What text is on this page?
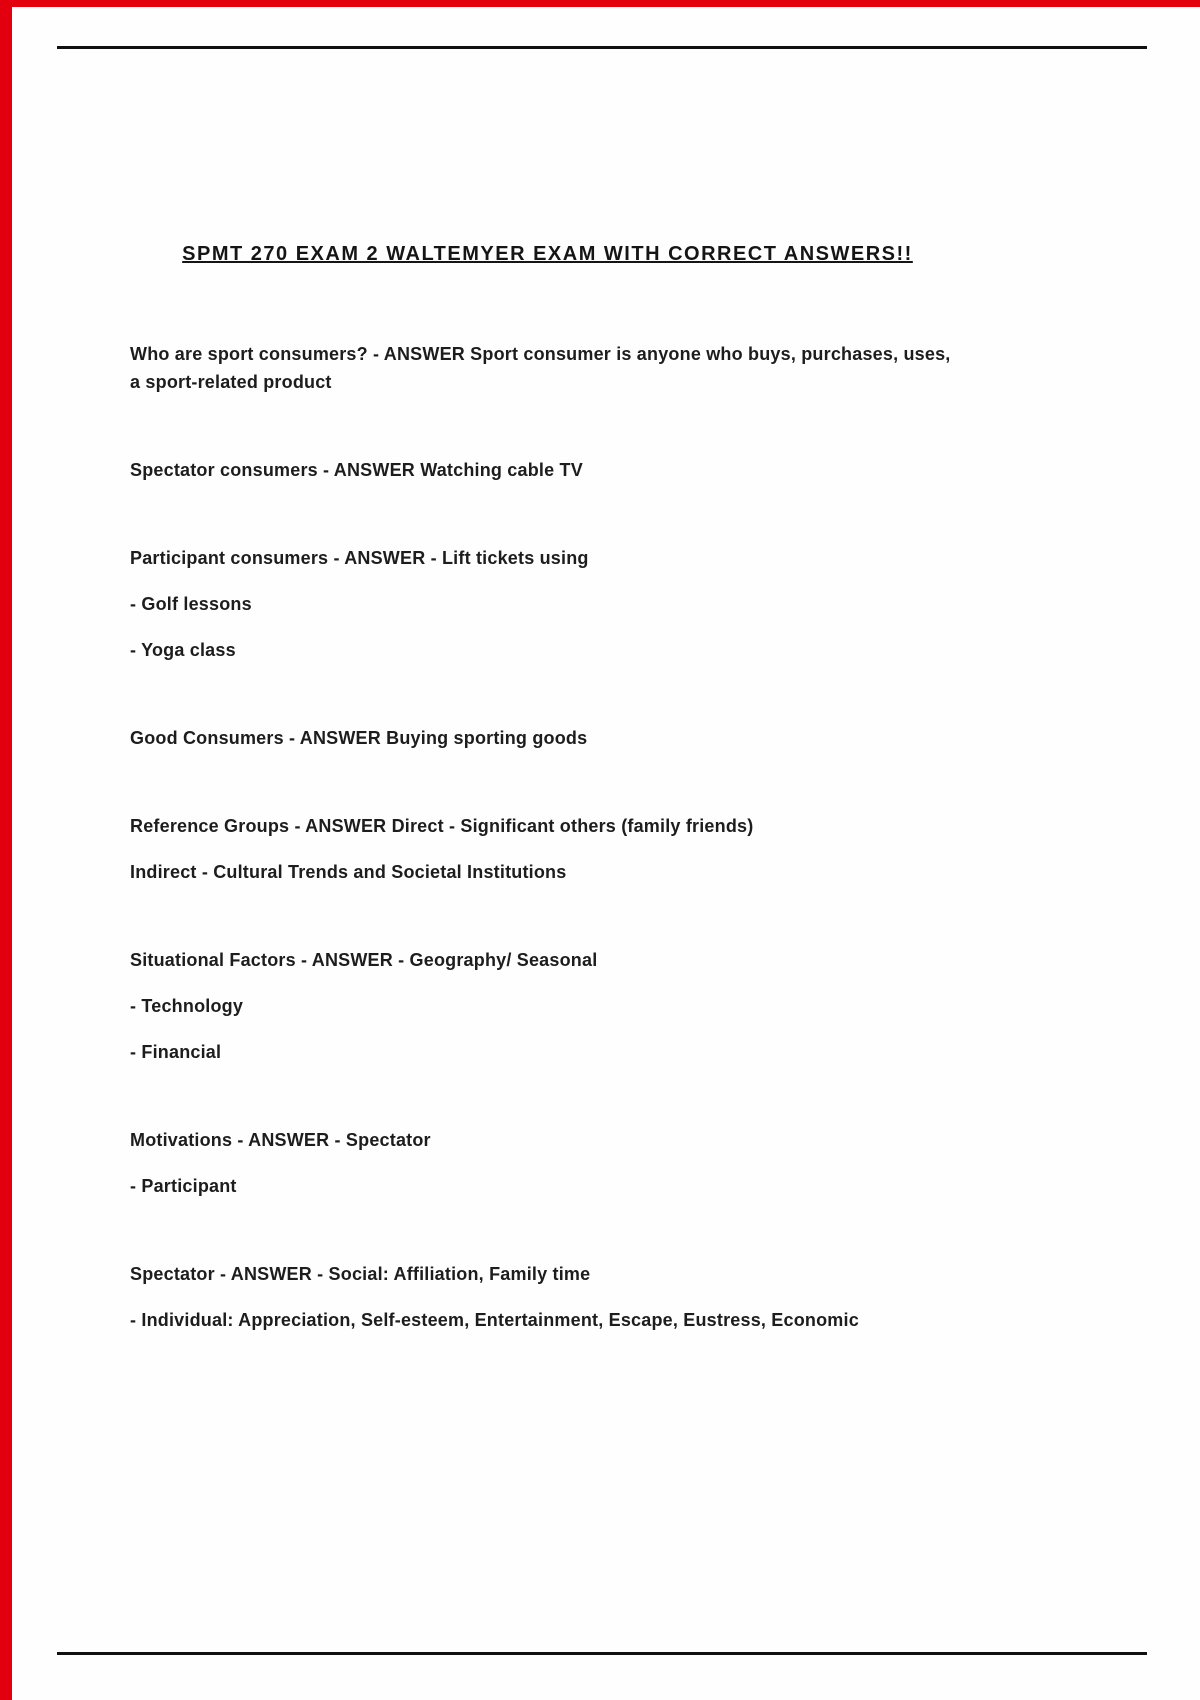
SPMT 270 EXAM 2 WALTEMYER EXAM WITH CORRECT ANSWERS!!

Who are sport consumers? - ANSWER Sport consumer is anyone who buys, purchases, uses, a sport-related product

Spectator consumers - ANSWER Watching cable TV

Participant consumers - ANSWER - Lift tickets using

- Golf lessons

- Yoga class

Good Consumers - ANSWER Buying sporting goods

Reference Groups - ANSWER Direct - Significant others (family friends)

Indirect - Cultural Trends and Societal Institutions

Situational Factors - ANSWER - Geography/ Seasonal

- Technology

- Financial

Motivations - ANSWER - Spectator

- Participant

Spectator - ANSWER - Social: Affiliation, Family time

- Individual: Appreciation, Self-esteem, Entertainment, Escape, Eustress, Economic
